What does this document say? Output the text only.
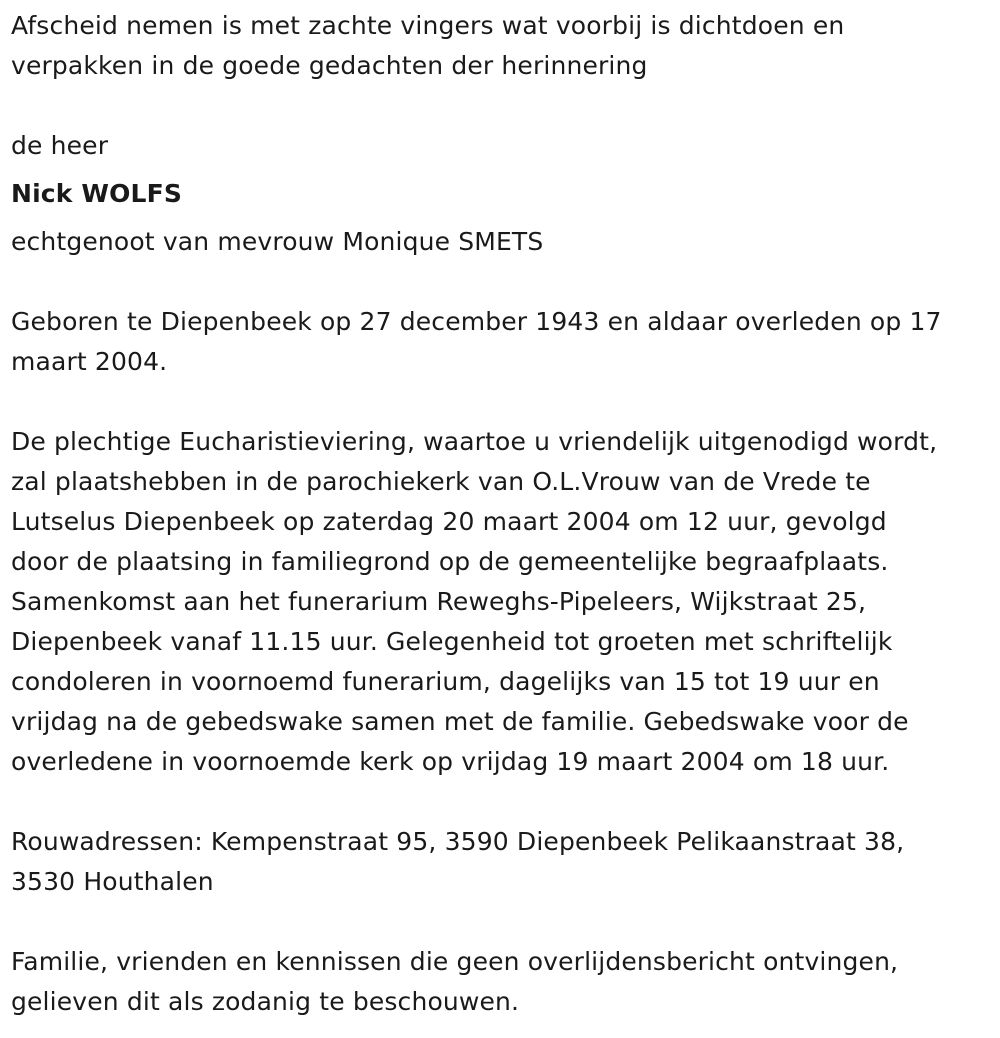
Afscheid nemen is met zachte vingers wat voorbij is dichtdoen en
verpakken in de goede gedachten der herinnering

de heer

Nick WOLFS

echtgenoot van mevrouw Monique SMETS

Geboren te Diepenbeek op 27 december 1943 en aldaar overleden op 17
maart 2004.

De plechtige Eucharistieviering, waartoe u vriendelijk uitgenodigd wordt,
zal plaatshebben in de parochiekerk van O.L.Vrouw van de Vrede te
Lutselus Diepenbeek op zaterdag 20 maart 2004 om 12 uur, gevolgd
door de plaatsing in familiegrond op de gemeentelijke begraafplaats.
Samenkomst aan het funerarium Reweghs-Pipeleers, Wijkstraat 25,
Diepenbeek vanaf 11.15 uur. Gelegenheid tot groeten met schriftelijk
condoleren in voornoemd funerarium, dagelijks van 15 tot 19 uur en
vrijdag na de gebedswake samen met de familie. Gebedswake voor de
overledene in voornoemde kerk op vrijdag 19 maart 2004 om 18 uur.

Rouwadressen: Kempenstraat 95, 3590 Diepenbeek Pelikaanstraat 38,
3530 Houthalen

Familie, vrienden en kennissen die geen overlijdensbericht ontvingen,
gelieven dit als zodanig te beschouwen.
